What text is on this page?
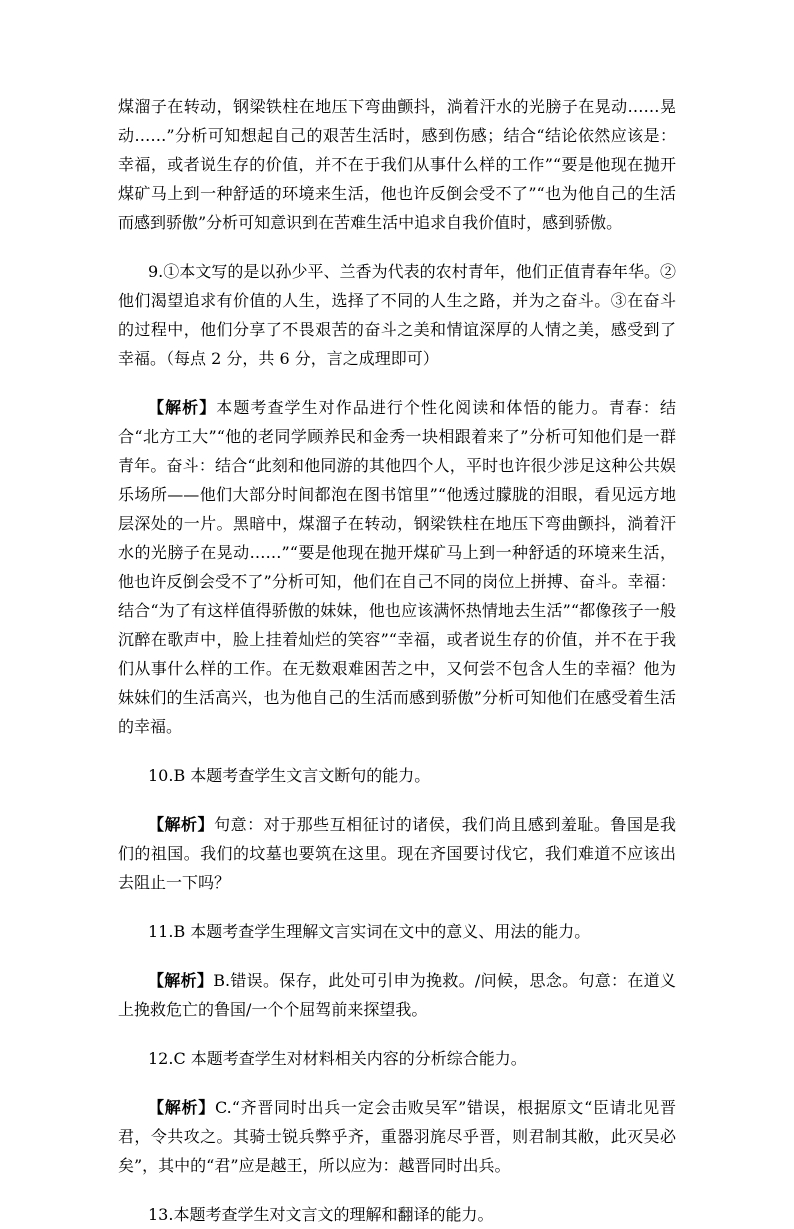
煤溜子在转动，钢梁铁柱在地压下弯曲颤抖，淌着汗水的光膀子在晃动……晃动……”分析可知想起自己的艰苦生活时，感到伤感；结合“结论依然应该是：幸福，或者说生存的价值，并不在于我们从事什么样的工作”“要是他现在抛开煤矿马上到一种舒适的环境来生活，他也许反倒会受不了”“也为他自己的生活而感到骄傲”分析可知意识到在苦难生活中追求自我价值时，感到骄傲。

9.①本文写的是以孙少平、兰香为代表的农村青年，他们正值青春年华。②他们渴望追求有价值的人生，选择了不同的人生之路，并为之奋斗。③在奋斗的过程中，他们分享了不畏艰苦的奋斗之美和情谊深厚的人情之美，感受到了幸福。（每点 2 分，共 6 分，言之成理即可）

【解析】本题考查学生对作品进行个性化阅读和体悟的能力。青春：结合“北方工大”“他的老同学顾养民和金秀一块相跟着来了”分析可知他们是一群青年。奋斗：结合“此刻和他同游的其他四个人，平时也许很少涉足这种公共娱乐场所——他们大部分时间都泡在图书馆里”“他透过朦胧的泪眼，看见远方地层深处的一片。黑暗中，煤溜子在转动，钢梁铁柱在地压下弯曲颤抖，淌着汗水的光膀子在晃动……”“要是他现在抛开煤矿马上到一种舒适的环境来生活，他也许反倒会受不了”分析可知，他们在自己不同的岗位上拼搏、奋斗。幸福：结合“为了有这样值得骄傲的妹妹，他也应该满怀热情地去生活”“都像孩子一般沉醉在歌声中，脸上挂着灿烂的笑容”“幸福，或者说生存的价值，并不在于我们从事什么样的工作。在无数艰难困苦之中，又何尝不包含人生的幸福？他为妹妹们的生活高兴，也为他自己的生活而感到骄傲”分析可知他们在感受着生活的幸福。

10.B 本题考查学生文言文断句的能力。

【解析】句意：对于那些互相征讨的诸侯，我们尚且感到羞耻。鲁国是我们的祖国。我们的坟墓也要筑在这里。现在齐国要讨伐它，我们难道不应该出去阻止一下吗？

11.B 本题考查学生理解文言实词在文中的意义、用法的能力。

【解析】B.错误。保存，此处可引申为挽救。/问候，思念。句意：在道义上挽救危亡的鲁国/一个个屈驾前来探望我。

12.C 本题考查学生对材料相关内容的分析综合能力。

【解析】C.“齐晋同时出兵一定会击败吴军”错误，根据原文“臣请北见晋君，令共攻之。其骑士锐兵弊乎齐，重器羽旄尽乎晋，则君制其敝，此灭吴必矣”，其中的“君”应是越王，所以应为：越晋同时出兵。

13.本题考查学生对文言文的理解和翻译的能力。
